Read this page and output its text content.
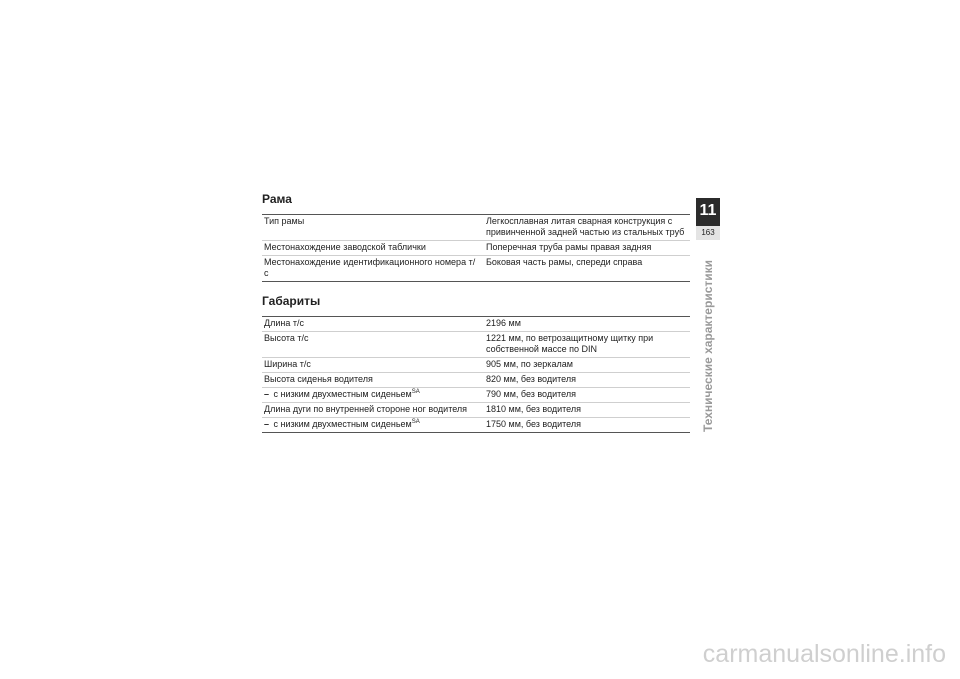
Рама
Тип рамы	Легкосплавная литая сварная конструкция с привинченной задней частью из стальных труб
Местонахождение заводской таблички	Поперечная труба рамы правая задняя
Местонахождение идентификационного номера т/с	Боковая часть рамы, спереди справа
Габариты
Длина т/с	2196 мм
Высота т/с	1221 мм, по ветрозащитному щитку при собственной массе по DIN
Ширина т/с	905 мм, по зеркалам
Высота сиденья водителя	820 мм, без водителя
– с низким двухместным сиденьем$^{SA}$	790 мм, без водителя
Длина дуги по внутренней стороне ног водителя	1810 мм, без водителя
– с низким двухместным сиденьем$^{SA}$	1750 мм, без водителя
11
163
Технические характеристики
carmanualsonline.info
